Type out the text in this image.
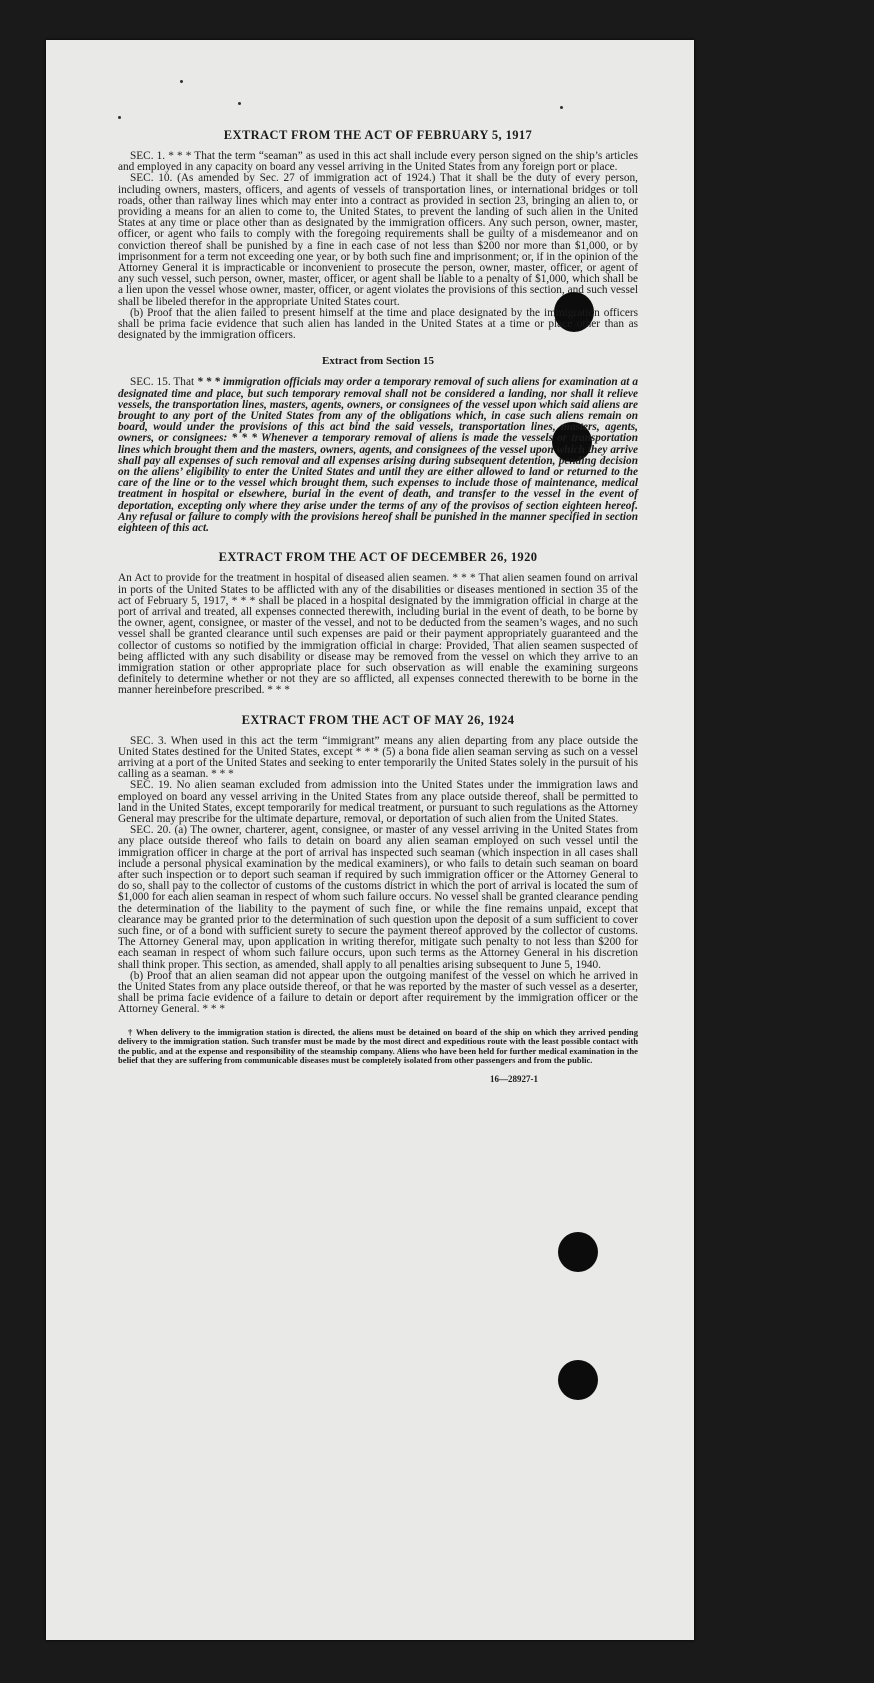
EXTRACT FROM THE ACT OF FEBRUARY 5, 1917

SEC. 1. * * * That the term “seaman” as used in this act shall include every person signed on the ship’s articles and employed in any capacity on board any vessel arriving in the United States from any foreign port or place.

SEC. 10. (As amended by Sec. 27 of immigration act of 1924.) That it shall be the duty of every person, including owners, masters, officers, and agents of vessels of transportation lines, or international bridges or toll roads, other than railway lines which may enter into a contract as provided in section 23, bringing an alien to, or providing a means for an alien to come to, the United States, to prevent the landing of such alien in the United States at any time or place other than as designated by the immigration officers. Any such person, owner, master, officer, or agent who fails to comply with the foregoing requirements shall be guilty of a misdemeanor and on conviction thereof shall be punished by a fine in each case of not less than $200 nor more than $1,000, or by imprisonment for a term not exceeding one year, or by both such fine and imprisonment; or, if in the opinion of the Attorney General it is impracticable or inconvenient to prosecute the person, owner, master, officer, or agent of any such vessel, such person, owner, master, officer, or agent shall be liable to a penalty of $1,000, which shall be a lien upon the vessel whose owner, master, officer, or agent violates the provisions of this section, and such vessel shall be libeled therefor in the appropriate United States court.

(b) Proof that the alien failed to present himself at the time and place designated by the immigration officers shall be prima facie evidence that such alien has landed in the United States at a time or place other than as designated by the immigration officers.

Extract from Section 15

SEC. 15. That * * * immigration officials may order a temporary removal of such aliens for examination at a designated time and place, but such temporary removal shall not be considered a landing, nor shall it relieve vessels, the transportation lines, masters, agents, owners, or consignees of the vessel upon which said aliens are brought to any port of the United States from any of the obligations which, in case such aliens remain on board, would under the provisions of this act bind the said vessels, transportation lines, masters, agents, owners, or consignees: * * * Whenever a temporary removal of aliens is made the vessels or transportation lines which brought them and the masters, owners, agents, and consignees of the vessel upon which they arrive shall pay all expenses of such removal and all expenses arising during subsequent detention, pending decision on the aliens’ eligibility to enter the United States and until they are either allowed to land or returned to the care of the line or to the vessel which brought them, such expenses to include those of maintenance, medical treatment in hospital or elsewhere, burial in the event of death, and transfer to the vessel in the event of deportation, excepting only where they arise under the terms of any of the provisos of section eighteen hereof. Any refusal or failure to comply with the provisions hereof shall be punished in the manner specified in section eighteen of this act.

EXTRACT FROM THE ACT OF DECEMBER 26, 1920

An Act to provide for the treatment in hospital of diseased alien seamen. * * * That alien seamen found on arrival in ports of the United States to be afflicted with any of the disabilities or diseases mentioned in section 35 of the act of February 5, 1917, * * * shall be placed in a hospital designated by the immigration official in charge at the port of arrival and treated, all expenses connected therewith, including burial in the event of death, to be borne by the owner, agent, consignee, or master of the vessel, and not to be deducted from the seamen’s wages, and no such vessel shall be granted clearance until such expenses are paid or their payment appropriately guaranteed and the collector of customs so notified by the immigration official in charge: Provided, That alien seamen suspected of being afflicted with any such disability or disease may be removed from the vessel on which they arrive to an immigration station or other appropriate place for such observation as will enable the examining surgeons definitely to determine whether or not they are so afflicted, all expenses connected therewith to be borne in the manner hereinbefore prescribed. * * *

EXTRACT FROM THE ACT OF MAY 26, 1924

SEC. 3. When used in this act the term “immigrant” means any alien departing from any place outside the United States destined for the United States, except * * * (5) a bona fide alien seaman serving as such on a vessel arriving at a port of the United States and seeking to enter temporarily the United States solely in the pursuit of his calling as a seaman. * * *

SEC. 19. No alien seaman excluded from admission into the United States under the immigration laws and employed on board any vessel arriving in the United States from any place outside thereof, shall be permitted to land in the United States, except temporarily for medical treatment, or pursuant to such regulations as the Attorney General may prescribe for the ultimate departure, removal, or deportation of such alien from the United States.

SEC. 20. (a) The owner, charterer, agent, consignee, or master of any vessel arriving in the United States from any place outside thereof who fails to detain on board any alien seaman employed on such vessel until the immigration officer in charge at the port of arrival has inspected such seaman (which inspection in all cases shall include a personal physical examination by the medical examiners), or who fails to detain such seaman on board after such inspection or to deport such seaman if required by such immigration officer or the Attorney General to do so, shall pay to the collector of customs of the customs district in which the port of arrival is located the sum of $1,000 for each alien seaman in respect of whom such failure occurs. No vessel shall be granted clearance pending the determination of the liability to the payment of such fine, or while the fine remains unpaid, except that clearance may be granted prior to the determination of such question upon the deposit of a sum sufficient to cover such fine, or of a bond with sufficient surety to secure the payment thereof approved by the collector of customs. The Attorney General may, upon application in writing therefor, mitigate such penalty to not less than $200 for each seaman in respect of whom such failure occurs, upon such terms as the Attorney General in his discretion shall think proper. This section, as amended, shall apply to all penalties arising subsequent to June 5, 1940.

(b) Proof that an alien seaman did not appear upon the outgoing manifest of the vessel on which he arrived in the United States from any place outside thereof, or that he was reported by the master of such vessel as a deserter, shall be prima facie evidence of a failure to detain or deport after requirement by the immigration officer or the Attorney General. * * *

† When delivery to the immigration station is directed, the aliens must be detained on board of the ship on which they arrived pending delivery to the immigration station. Such transfer must be made by the most direct and expeditious route with the least possible contact with the public, and at the expense and responsibility of the steamship company. Aliens who have been held for further medical examination in the belief that they are suffering from communicable diseases must be completely isolated from other passengers and from the public.

16—28927-1
